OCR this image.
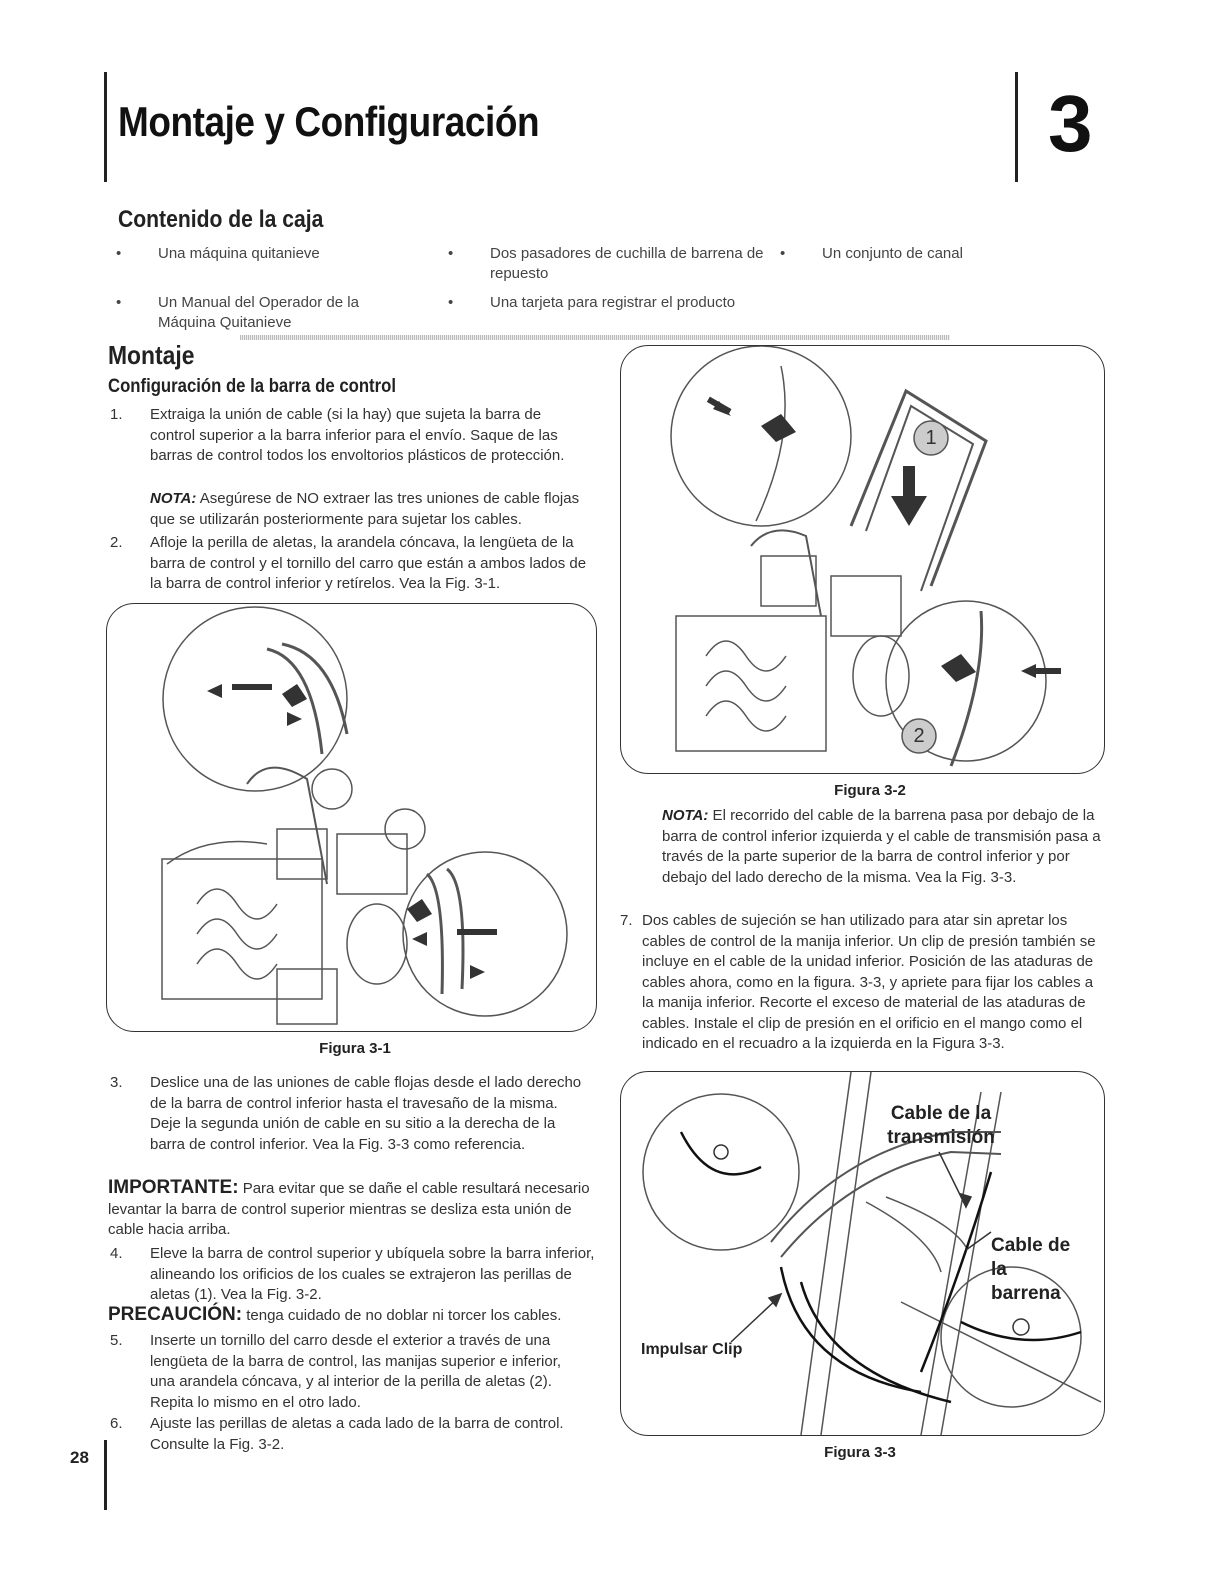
Montaje y Configuración	3
Contenido de la caja
• Una máquina quitanieve	• Dos pasadores de cuchilla de barrena de repuesto
• Un conjunto de canal
• Un Manual del Operador de la Máquina Quitanieve
• Una tarjeta para registrar el producto
Montaje
Configuración de la barra de control
1. Extraiga la unión de cable (si la hay) que sujeta la barra de control superior a la barra inferior para el envío. Saque de las barras de control todos los envoltorios plásticos de protección.
NOTA: Asegúrese de NO extraer las tres uniones de cable flojas que se utilizarán posteriormente para sujetar los cables.
2. Afloje la perilla de aletas, la arandela cóncava, la lengüeta de la barra de control y el tornillo del carro que están a ambos lados de la barra de control inferior y retírelos. Vea la Fig. 3-1.
Figura 3-1
3. Deslice una de las uniones de cable flojas desde el lado derecho de la barra de control inferior hasta el travesaño de la misma. Deje la segunda unión de cable en su sitio a la derecha de la barra de control inferior. Vea la Fig. 3-3 como referencia.
IMPORTANTE: Para evitar que se dañe el cable resultará necesario levantar la barra de control superior mientras se desliza esta unión de cable hacia arriba.
4. Eleve la barra de control superior y ubíquela sobre la barra inferior, alineando los orificios de los cuales se extrajeron las perillas de aletas (1). Vea la Fig. 3-2.
PRECAUCIÓN: tenga cuidado de no doblar ni torcer los cables.
5. Inserte un tornillo del carro desde el exterior a través de una lengüeta de la barra de control, las manijas superior e inferior, una arandela cóncava, y al interior de la perilla de aletas (2). Repita lo mismo en el otro lado.
6. Ajuste las perillas de aletas a cada lado de la barra de control. Consulte la Fig. 3-2.
1
2
Figura 3-2
NOTA: El recorrido del cable de la barrena pasa por debajo de la barra de control inferior izquierda y el cable de transmisión pasa a través de la parte superior de la barra de control inferior y por debajo del lado derecho de la misma. Vea la Fig. 3-3.
7. Dos cables de sujeción se han utilizado para atar sin apretar los cables de control de la manija inferior. Un clip de presión también se incluye en el cable de la unidad inferior. Posición de las ataduras de cables ahora, como en la figura. 3-3, y apriete para fijar los cables a la manija inferior. Recorte el exceso de material de las ataduras de cables. Instale el clip de presión en el orificio en el mango como el indicado en el recuadro a la izquierda en la Figura 3-3.
Cable de la transmisión
Cable de la barrena
Impulsar Clip
Figura 3-3
28
